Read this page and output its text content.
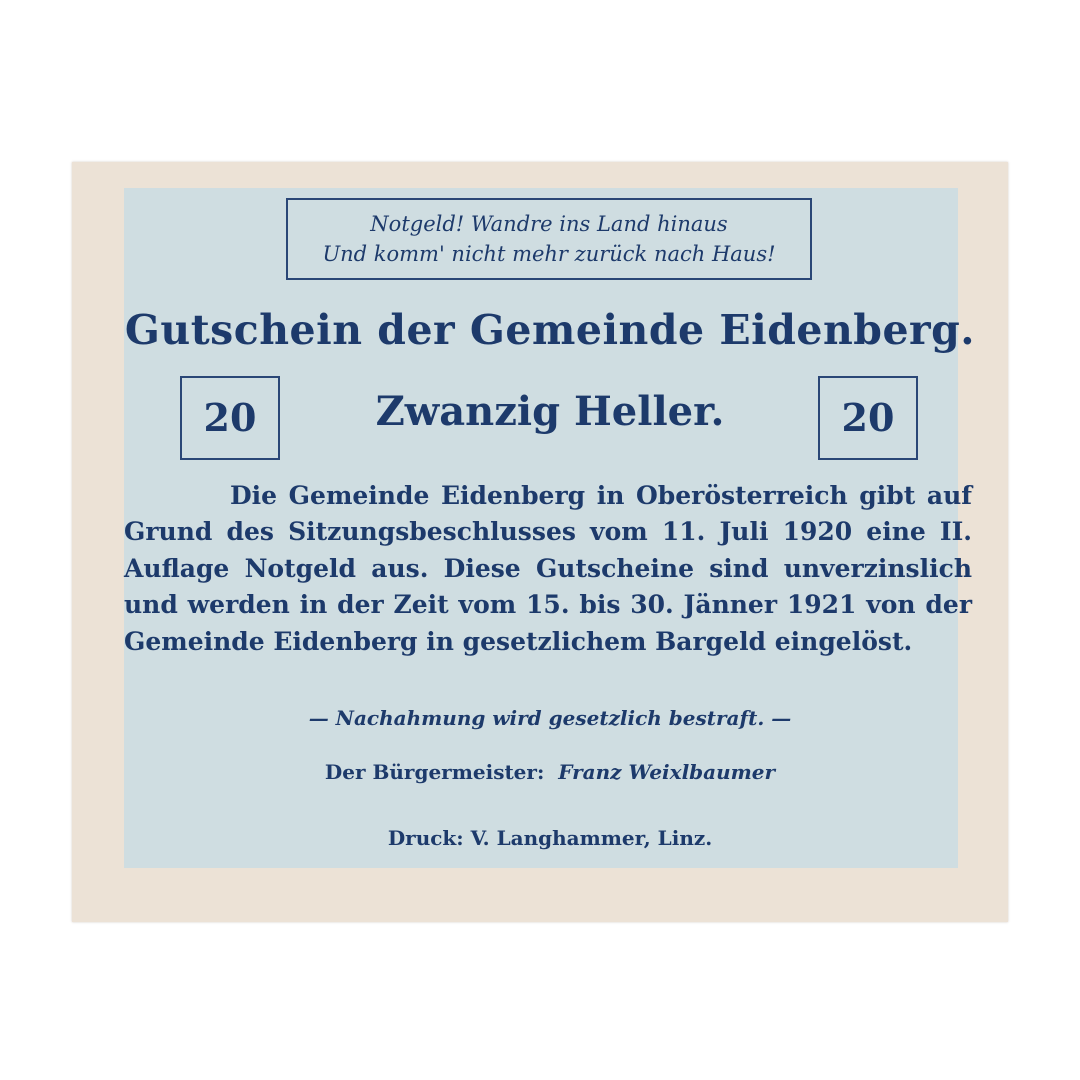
Notgeld! Wandre ins Land hinaus
Und komm' nicht mehr zurück nach Haus!
Gutschein der Gemeinde Eidenberg.
20	Zwanzig Heller.	20
Die Gemeinde Eidenberg in Oberösterreich gibt auf Grund des Sitzungsbeschlusses vom 11. Juli 1920 eine II. Auflage Notgeld aus. Diese Gutscheine sind unverzinslich und werden in der Zeit vom 15. bis 30. Jänner 1921 von der Gemeinde Eidenberg in gesetzlichem Bargeld eingelöst.
— Nachahmung wird gesetzlich bestraft. —
Der Bürgermeister: Franz Weixlbaumer
Druck: V. Langhammer, Linz.
